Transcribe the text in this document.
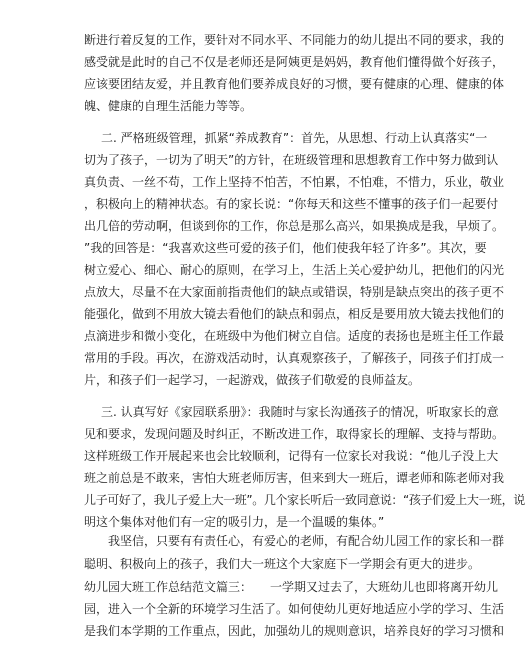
断进行着反复的工作，要针对不同水平、不同能力的幼儿提出不同的要求，我的
感受就是此时的自己不仅是老师还是阿姨更是妈妈，教育他们懂得做个好孩子，
应该要团结友爱，并且教育他们要养成良好的习惯，要有健康的心理、健康的体
魄、健康的自理生活能力等等。
二. 严格班级管理，抓紧“养成教育”：首先，从思想、行动上认真落实“一
切为了孩子，一切为了明天”的方针，在班级管理和思想教育工作中努力做到认
真负责、一丝不苟，工作上坚持不怕苦，不怕累，不怕难，不惜力，乐业，敬业
，积极向上的精神状态。有的家长说：“你每天和这些不懂事的孩子们一起要付
出几倍的劳动啊，但谈到你的工作，你总是那么高兴，如果换成是我，早烦了。
”我的回答是：“我喜欢这些可爱的孩子们，他们使我年轻了许多”。其次，要
树立爱心、细心、耐心的原则，在学习上，生活上关心爱护幼儿，把他们的闪光
点放大，尽量不在大家面前指责他们的缺点或错误，特别是缺点突出的孩子更不
能强化，做到不用放大镜去看他们的缺点和弱点，相反是要用放大镜去找他们的
点滴进步和微小变化，在班级中为他们树立自信。适度的表扬也是班主任工作最
常用的手段。再次，在游戏活动时，认真观察孩子，了解孩子，同孩子们打成一
片，和孩子们一起学习，一起游戏，做孩子们敬爱的良师益友。
三. 认真写好《家园联系册》：我随时与家长沟通孩子的情况，听取家长的意
见和要求，发现问题及时纠正，不断改进工作，取得家长的理解、支持与帮助。
这样班级工作开展起来也会比较顺利，记得有一位家长对我说：“他儿子没上大
班之前总是不敢来，害怕大班老师厉害，但来到大一班后，谭老师和陈老师对我
儿子可好了，我儿子爱上大一班”。几个家长听后一致同意说：“孩子们爱上大一班，说
明这个集体对他们有一定的吸引力，是一个温暖的集体。”
我坚信，只要有有责任心，有爱心的老师，有配合幼儿园工作的家长和一群
聪明、积极向上的孩子，我们大一班这个大家庭下一学期会有更大的进步。
幼儿园大班工作总结范文篇三：　　一学期又过去了，大班幼儿也即将离开幼儿
园，进入一个全新的环境学习生活了。如何使幼儿更好地适应小学的学习、生活
是我们本学期的工作重点，因此，加强幼儿的规则意识，培养良好的学习习惯和
